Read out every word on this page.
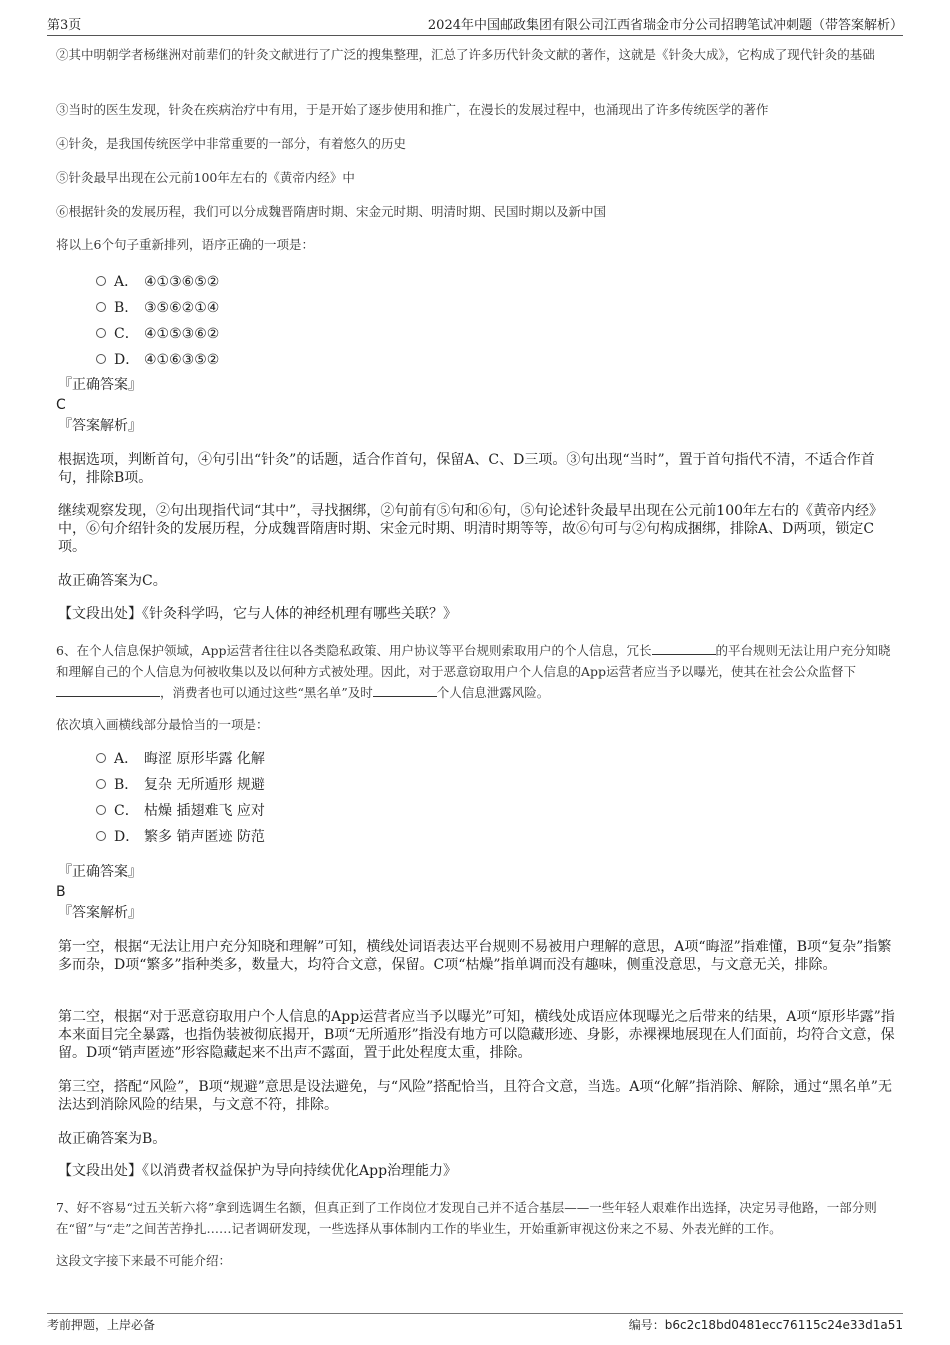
第3页	2024年中国邮政集团有限公司江西省瑞金市分公司招聘笔试冲刺题（带答案解析）
②其中明朝学者杨继洲对前辈们的针灸文献进行了广泛的搜集整理，汇总了许多历代针灸文献的著作，这就是《针灸大成》，它构成了现代针灸的基础
③当时的医生发现，针灸在疾病治疗中有用，于是开始了逐步使用和推广，在漫长的发展过程中，也涌现出了许多传统医学的著作
④针灸，是我国传统医学中非常重要的一部分，有着悠久的历史
⑤针灸最早出现在公元前100年左右的《黄帝内经》中
⑥根据针灸的发展历程，我们可以分成魏晋隋唐时期、宋金元时期、明清时期、民国时期以及新中国
将以上6个句子重新排列，语序正确的一项是：
A． ④①③⑥⑤②
B. ③⑤⑥②①④
C． ④①⑤③⑥②
D． ④①⑥③⑤②
『正确答案』
C
『答案解析』
根据选项，判断首句，④句引出“针灸”的话题，适合作首句，保留A、C、D三项。③句出现“当时”，置于首句指代不清，不适合作首句，排除B项。
继续观察发现，②句出现指代词“其中”，寻找捆绑，②句前有⑤句和⑥句，⑤句论述针灸最早出现在公元前100年左右的《黄帝内经》中，⑥句介绍针灸的发展历程，分成魏晋隋唐时期、宋金元时期、明清时期等等，故⑥句可与②句构成捆绑，排除A、D两项，锁定C项。
故正确答案为C。
【文段出处】《针灸科学吗，它与人体的神经机理有哪些关联？》
6、在个人信息保护领域，App运营者往往以各类隐私政策、用户协议等平台规则索取用户的个人信息，冗长	的平台规则无法让用户充分知晓和理解自己的个人信息为何被收集以及以何种方式被处理。因此，对于恶意窃取用户个人信息的App运营者应当予以曝光，使其在社会公众监督下，消费者也可以通过这些“黑名单”及时	个人信息泄露风险。
依次填入画横线部分最恰当的一项是：
A． 晦涩 原形毕露 化解
B． 复杂 无所遁形 规避
C． 枯燥 插翅难飞 应对
D． 繁多 销声匿迹 防范
『正确答案』
B
『答案解析』
第一空，根据“无法让用户充分知晓和理解”可知，横线处词语表达平台规则不易被用户理解的意思，A项“晦涩”指难懂，B项“复杂”指繁多而杂，D项“繁多”指种类多，数量大，均符合文意，保留。C项“枯燥”指单调而没有趣味，侧重没意思，与文意无关，排除。
第二空，根据“对于恶意窃取用户个人信息的App运营者应当予以曝光”可知，横线处成语应体现曝光之后带来的结果，A项“原形毕露”指本来面目完全暴露，也指伪装被彻底揭开，B项“无所遁形”指没有地方可以隐藏形迹、身影，赤裸裸地展现在人们面前，均符合文意，保留。D项“销声匿迹”形容隐藏起来不出声不露面，置于此处程度太重，排除。
第三空，搭配“风险”，B项“规避”意思是设法避免，与“风险”搭配恰当，且符合文意，当选。A项“化解”指消除、解除，通过“黑名单”无法达到消除风险的结果，与文意不符，排除。
故正确答案为B。
【文段出处】《以消费者权益保护为导向持续优化App治理能力》
7、好不容易“过五关斩六将”拿到选调生名额，但真正到了工作岗位才发现自己并不适合基层——一些年轻人艰难作出选择，决定另寻他路，一部分则在“留”与“走”之间苦苦挣扎……记者调研发现，一些选择从事体制内工作的毕业生，开始重新审视这份来之不易、外表光鲜的工作。
这段文字接下来最不可能介绍：
考前押题，上岸必备	编号：b6c2c18bd0481ecc76115c24e33d1a51
